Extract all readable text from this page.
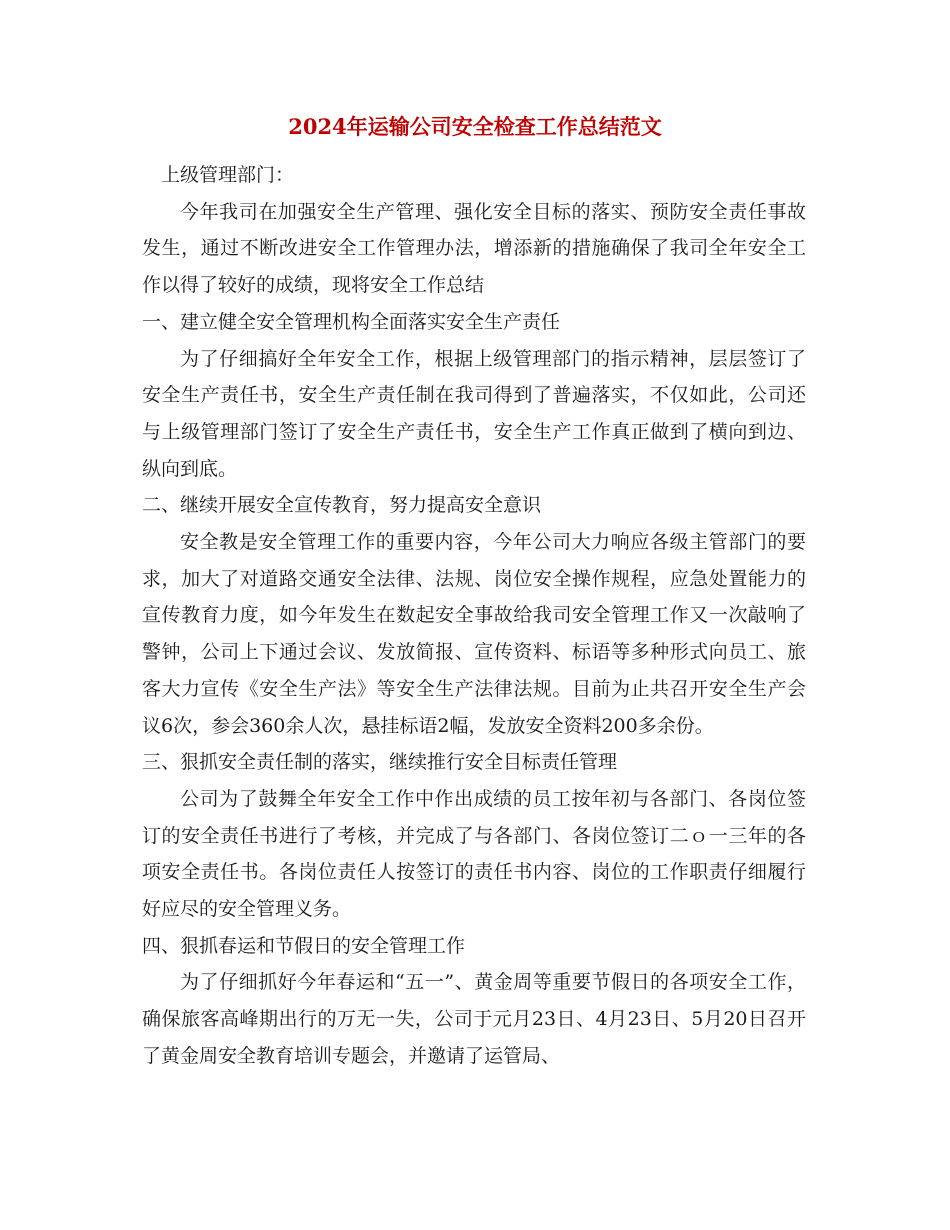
2024年运输公司安全检查工作总结范文

上级管理部门：

今年我司在加强安全生产管理、强化安全目标的落实、预防安全责任事故发生，通过不断改进安全工作管理办法，增添新的措施确保了我司全年安全工作以得了较好的成绩，现将安全工作总结

一、建立健全安全管理机构全面落实安全生产责任

为了仔细搞好全年安全工作，根据上级管理部门的指示精神，层层签订了安全生产责任书，安全生产责任制在我司得到了普遍落实，不仅如此，公司还与上级管理部门签订了安全生产责任书，安全生产工作真正做到了横向到边、纵向到底。

二、继续开展安全宣传教育，努力提高安全意识

安全教是安全管理工作的重要内容，今年公司大力响应各级主管部门的要求，加大了对道路交通安全法律、法规、岗位安全操作规程，应急处置能力的宣传教育力度，如今年发生在数起安全事故给我司安全管理工作又一次敲响了警钟，公司上下通过会议、发放简报、宣传资料、标语等多种形式向员工、旅客大力宣传《安全生产法》等安全生产法律法规。目前为止共召开安全生产会议6次，参会360余人次，悬挂标语2幅，发放安全资料200多余份。

三、狠抓安全责任制的落实，继续推行安全目标责任管理

公司为了鼓舞全年安全工作中作出成绩的员工按年初与各部门、各岗位签订的安全责任书进行了考核，并完成了与各部门、各岗位签订二ｏ一三年的各项安全责任书。各岗位责任人按签订的责任书内容、岗位的工作职责仔细履行好应尽的安全管理义务。

四、狠抓春运和节假日的安全管理工作

为了仔细抓好今年春运和“五一”、黄金周等重要节假日的各项安全工作，确保旅客高峰期出行的万无一失，公司于元月23日、4月23日、5月20日召开了黄金周安全教育培训专题会，并邀请了运管局、
